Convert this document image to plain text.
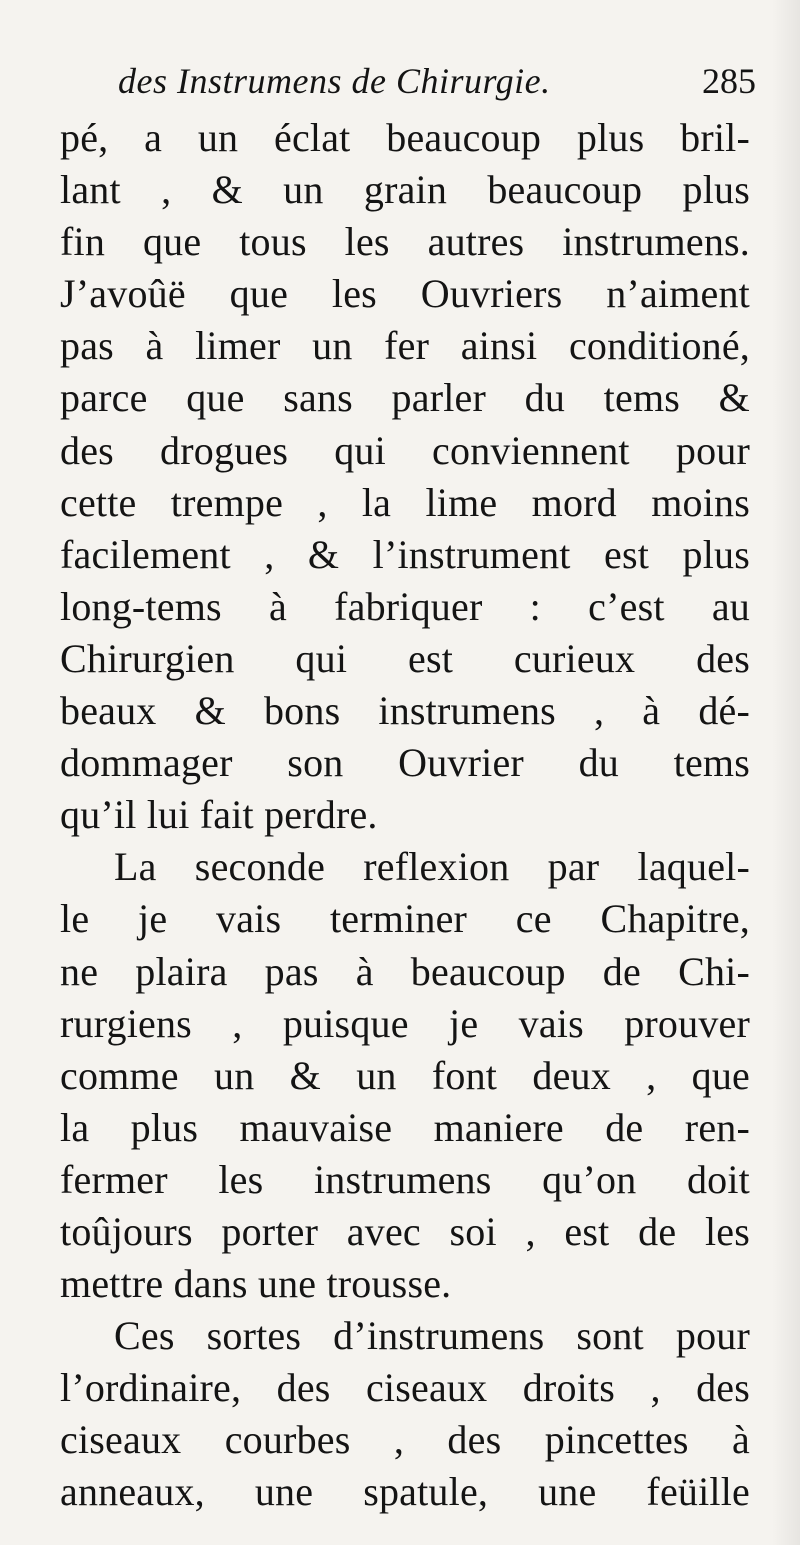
des Instrumens de Chirurgie.	285

pé, a un éclat beaucoup plus bril-
lant , & un grain beaucoup plus
fin que tous les autres instrumens.
J’avoûë que les Ouvriers n’aiment
pas à limer un fer ainsi conditioné,
parce que sans parler du tems &
des drogues qui conviennent pour
cette trempe , la lime mord moins
facilement , & l’instrument est plus
long-tems à fabriquer : c’est au
Chirurgien qui est curieux des
beaux & bons instrumens , à dé-
dommager son Ouvrier du tems
qu’il lui fait perdre.

La seconde reflexion par laquel-
le je vais terminer ce Chapitre,
ne plaira pas à beaucoup de Chi-
rurgiens , puisque je vais prouver
comme un & un font deux , que
la plus mauvaise maniere de ren-
fermer les instrumens qu’on doit
toûjours porter avec soi , est de les
mettre dans une trousse.

Ces sortes d’instrumens sont pour
l’ordinaire, des ciseaux droits , des
ciseaux courbes , des pincettes à
anneaux, une spatule, une feüille
